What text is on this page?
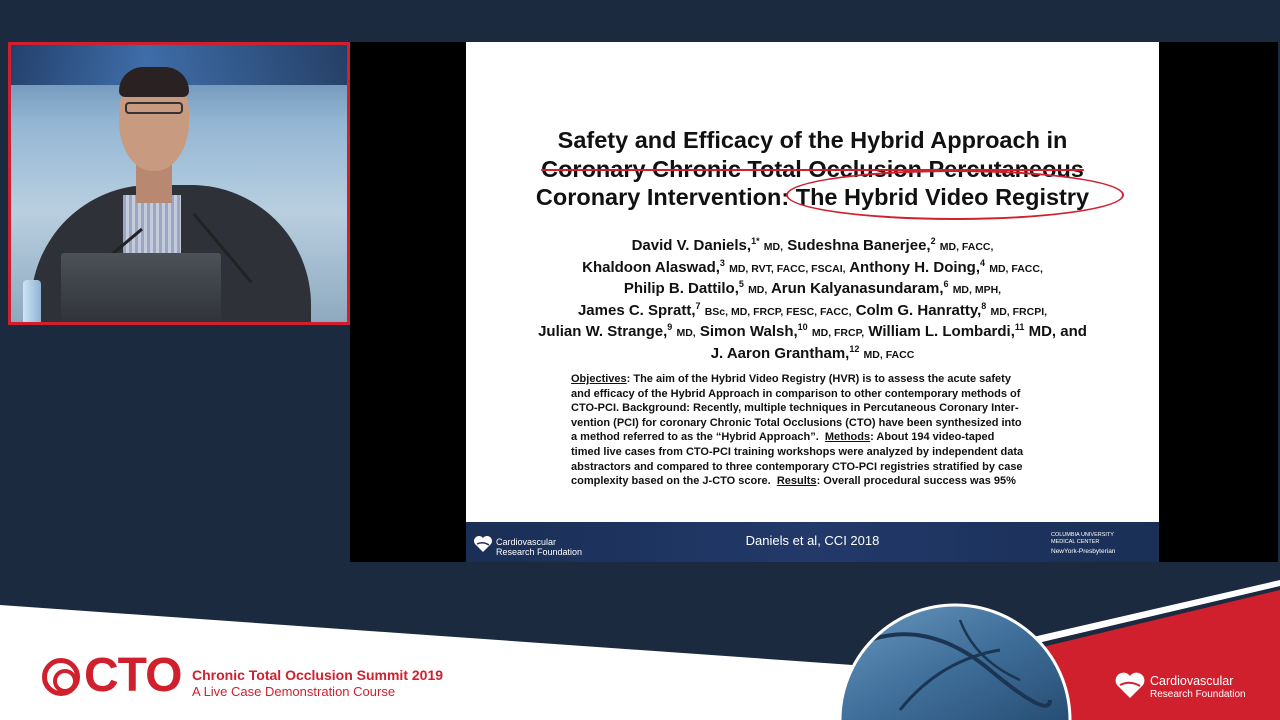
Safety and Efficacy of the Hybrid Approach in
Coronary Chronic Total Occlusion Percutaneous
Coronary Intervention: The Hybrid Video Registry
David V. Daniels,$^{1*}$ MD, Sudeshna Banerjee,$^2$ MD, FACC,
Khaldoon Alaswad,$^3$ MD, RVT, FACC, FSCAI, Anthony H. Doing,$^4$ MD, FACC,
Philip B. Dattilo,$^5$ MD, Arun Kalyanasundaram,$^6$ MD, MPH,
James C. Spratt,$^7$ BSc, MD, FRCP, FESC, FACC, Colm G. Hanratty,$^8$ MD, FRCPI,
Julian W. Strange,$^9$ MD, Simon Walsh,$^{10}$ MD, FRCP, William L. Lombardi,$^{11}$ MD, and
J. Aaron Grantham,$^{12}$ MD, FACC
Objectives: The aim of the Hybrid Video Registry (HVR) is to assess the acute safety
and efficacy of the Hybrid Approach in comparison to other contemporary methods of
CTO-PCI. Background: Recently, multiple techniques in Percutaneous Coronary Inter-
vention (PCI) for coronary Chronic Total Occlusions (CTO) have been synthesized into
a method referred to as the “Hybrid Approach”. Methods: About 194 video-taped
timed live cases from CTO-PCI training workshops were analyzed by independent data
abstractors and compared to three contemporary CTO-PCI registries stratified by case
complexity based on the J-CTO score. Results: Overall procedural success was 95%
Cardiovascular
Research Foundation
Daniels et al, CCI 2018	COLUMBIA UNIVERSITY
MEDICAL CENTER
NewYork-Presbyterian
CTO Chronic Total Occlusion Summit 2019
A Live Case Demonstration Course
Cardiovascular
Research Foundation
